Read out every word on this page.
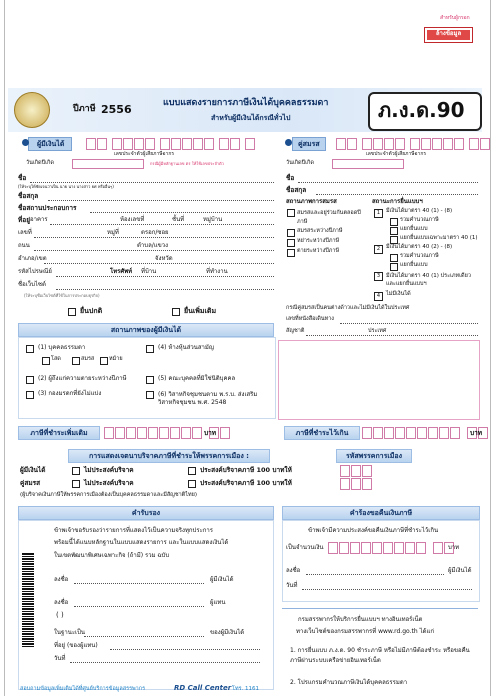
สำหรับผู้กรอก
ล้างข้อมูล
ปีภาษี 2556	แบบแสดงรายการภาษีเงินได้บุคคลธรรมดา
สำหรับผู้มีเงินได้กรณีทั่วไป	ภ.ง.ด.90
ผู้มีเงินได้
เลขประจำตัวผู้เสียภาษีอากร
วันเกิดปีเกิด	กรณีผู้มีหลักฐานเลข ตร ให้ใช้เลขประจำตัว
คู่สมรส
เลขประจำตัวผู้เสียภาษีอากร
วันเกิดปีเกิด
ชื่อ
(ให้ระบุให้ชัดเจนว่าเป็น นาย นาง นางสาว ยศ หรืออื่นๆ)
ชื่อสกุล
ชื่อสถานประกอบการ
ที่อยู่ อาคาร	ห้องเลขที่	ชั้นที่	หมู่บ้าน
เลขที่	หมู่ที่	ตรอก/ซอย
ถนน	ตำบล/แขวง
อำเภอ/เขต	จังหวัด
รหัสไปรษณีย์	โทรศัพท์ ที่บ้าน	ที่ทำงาน
ชื่อเว็บไซต์
(ให้ระบุชื่อเว็บไซต์ที่ใช้ในการประกอบธุรกิจ)
ยื่นปกติ	ยื่นเพิ่มเติม
ชื่อ
ชื่อสกุล
สถานภาพการสมรส	สถานะการยื่นแบบฯ
สมรสและอยู่ร่วมกันตลอดปีภาษี
สมรสระหว่างปีภาษี
หย่าระหว่างปีภาษี
ตายระหว่างปีภาษี
1	มีเงินได้มาตรา 40 (1) - (8)
รวมคำนวณภาษี
แยกยื่นแบบ
แยกยื่นแบบเฉพาะมาตรา 40 (1)
2	มีเงินได้มาตรา 40 (2) - (8)
รวมคำนวณภาษี
แยกยื่นแบบ
3	มีเงินได้มาตรา 40 (1) ประเภทเดียวและแยกยื่นแบบฯ
4	ไม่มีเงินได้
กรณีคู่สมรสเป็นคนต่างด้าวและไม่มีเงินได้ในประเทศ
เลขที่หนังสือเดินทาง
สัญชาติ	ประเทศ
สถานภาพของผู้มีเงินได้
(1) บุคคลธรรมดา
โสด	สมรส	หม้าย
(2) ผู้ถึงแก่ความตายระหว่างปีภาษี
(3) กองมรดกที่ยังไม่แบ่ง
(4) ห้างหุ้นส่วนสามัญ
(5) คณะบุคคลที่มิใช่นิติบุคคล
(6) วิสาหกิจชุมชนตาม พ.ร.บ. ส่งเสริมวิสาหกิจชุมชน พ.ศ. 2548
ภาษีที่ชำระเพิ่มเติม	บาท	ภาษีที่ชำระไว้เกิน	บาท
การแสดงเจตนาบริจาคภาษีที่ชำระให้พรรคการเมือง :	รหัสพรรคการเมือง
ผู้มีเงินได้	ไม่ประสงค์บริจาค	ประสงค์บริจาคภาษี 100 บาทให้
คู่สมรส	ไม่ประสงค์บริจาค	ประสงค์บริจาคภาษี 100 บาทให้
(ผู้บริจาคเงินภาษีให้พรรคการเมืองต้องเป็นบุคคลธรรมดาและมีสัญชาติไทย)
คำรับรอง	คำร้องขอคืนเงินภาษี
ข้าพเจ้าขอรับรองว่ารายการที่แสดงไว้เป็นความจริงทุกประการ
พร้อมนี้ได้แนบหลักฐานในแบบแสดงรายการ และในแบบแสดงเงินได้
ในเขตพัฒนาพิเศษเฉพาะกิจ (ถ้ามี) รวม ฉบับ
ลงชื่อ	ผู้มีเงินได้
ลงชื่อ	ผู้แทน
( )
ในฐานะเป็น	ของผู้มีเงินได้
ที่อยู่ (ของผู้แทน)
วันที่
สอบถามข้อมูลเพิ่มเติมได้ที่ศูนย์บริการข้อมูลสรรพากร	RD Call Center โทร. 1161
ข้าพเจ้ามีความประสงค์ขอคืนเงินภาษีที่ชำระไว้เกิน
เป็นจำนวนเงิน	บาท
ลงชื่อ	ผู้มีเงินได้
วันที่
กรมสรรพากรให้บริการยื่นแบบฯ ทางอินเทอร์เน็ต
ทางเว็บไซต์ของกรมสรรพากรที่ www.rd.go.th ได้แก่
1. การยื่นแบบ ภ.ง.ด. 90 ชำระภาษี หรือไม่มีภาษีต้องชำระ หรือขอคืนภาษีผ่านระบบเครือข่ายอินเทอร์เน็ต
2. โปรแกรมคำนวณภาษีเงินได้บุคคลธรรมดา
